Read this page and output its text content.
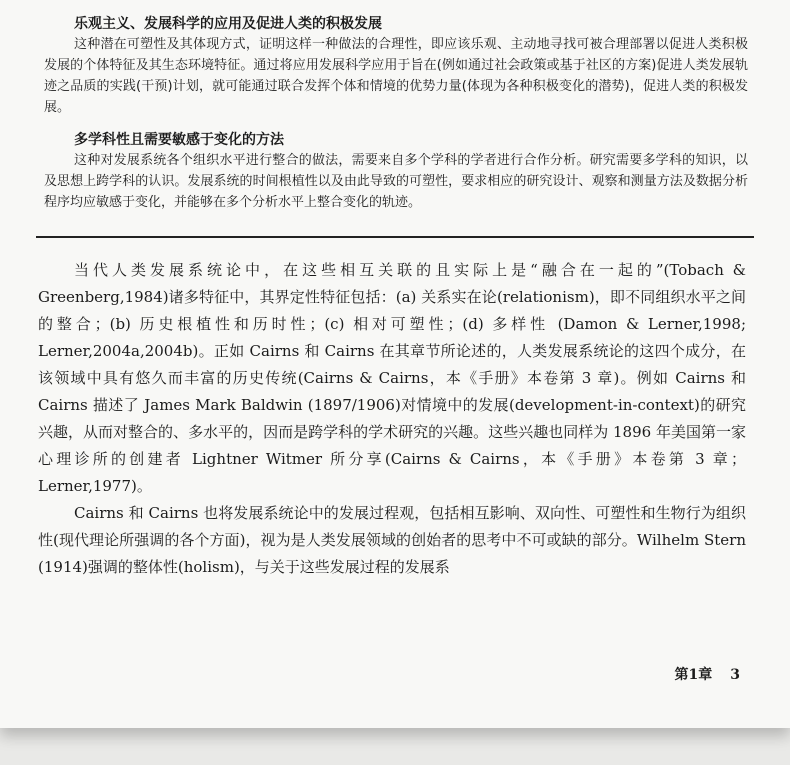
乐观主义、发展科学的应用及促进人类的积极发展

这种潜在可塑性及其体现方式，证明这样一种做法的合理性，即应该乐观、主动地寻找可被合理部署以促进人类积极发展的个体特征及其生态环境特征。通过将应用发展科学应用于旨在(例如通过社会政策或基于社区的方案)促进人类发展轨迹之品质的实践(干预)计划，就可能通过联合发挥个体和情境的优势力量(体现为各种积极变化的潜势)，促进人类的积极发展。

多学科性且需要敏感于变化的方法

这种对发展系统各个组织水平进行整合的做法，需要来自多个学科的学者进行合作分析。研究需要多学科的知识，以及思想上跨学科的认识。发展系统的时间根植性以及由此导致的可塑性，要求相应的研究设计、观察和测量方法及数据分析程序均应敏感于变化，并能够在多个分析水平上整合变化的轨迹。

当代人类发展系统论中，在这些相互关联的且实际上是“融合在一起的”(Tobach & Greenberg,1984)诸多特征中，其界定性特征包括：(a) 关系实在论(relationism)，即不同组织水平之间的整合；(b) 历史根植性和历时性；(c) 相对可塑性；(d) 多样性 (Damon & Lerner,1998; Lerner,2004a,2004b)。正如 Cairns 和 Cairns 在其章节所论述的，人类发展系统论的这四个成分，在该领域中具有悠久而丰富的历史传统(Cairns & Cairns，本《手册》本卷第 3 章)。例如 Cairns 和 Cairns 描述了 James Mark Baldwin (1897/1906)对情境中的发展(development-in-context)的研究兴趣，从而对整合的、多水平的，因而是跨学科的学术研究的兴趣。这些兴趣也同样为 1896 年美国第一家心理诊所的创建者 Lightner Witmer 所分享(Cairns & Cairns，本《手册》本卷第 3 章； Lerner,1977)。

Cairns 和 Cairns 也将发展系统论中的发展过程观，包括相互影响、双向性、可塑性和生物行为组织性(现代理论所强调的各个方面)，视为是人类发展领域的创始者的思考中不可或缺的部分。Wilhelm Stern (1914)强调的整体性(holism)，与关于这些发展过程的发展系

第1章 3
